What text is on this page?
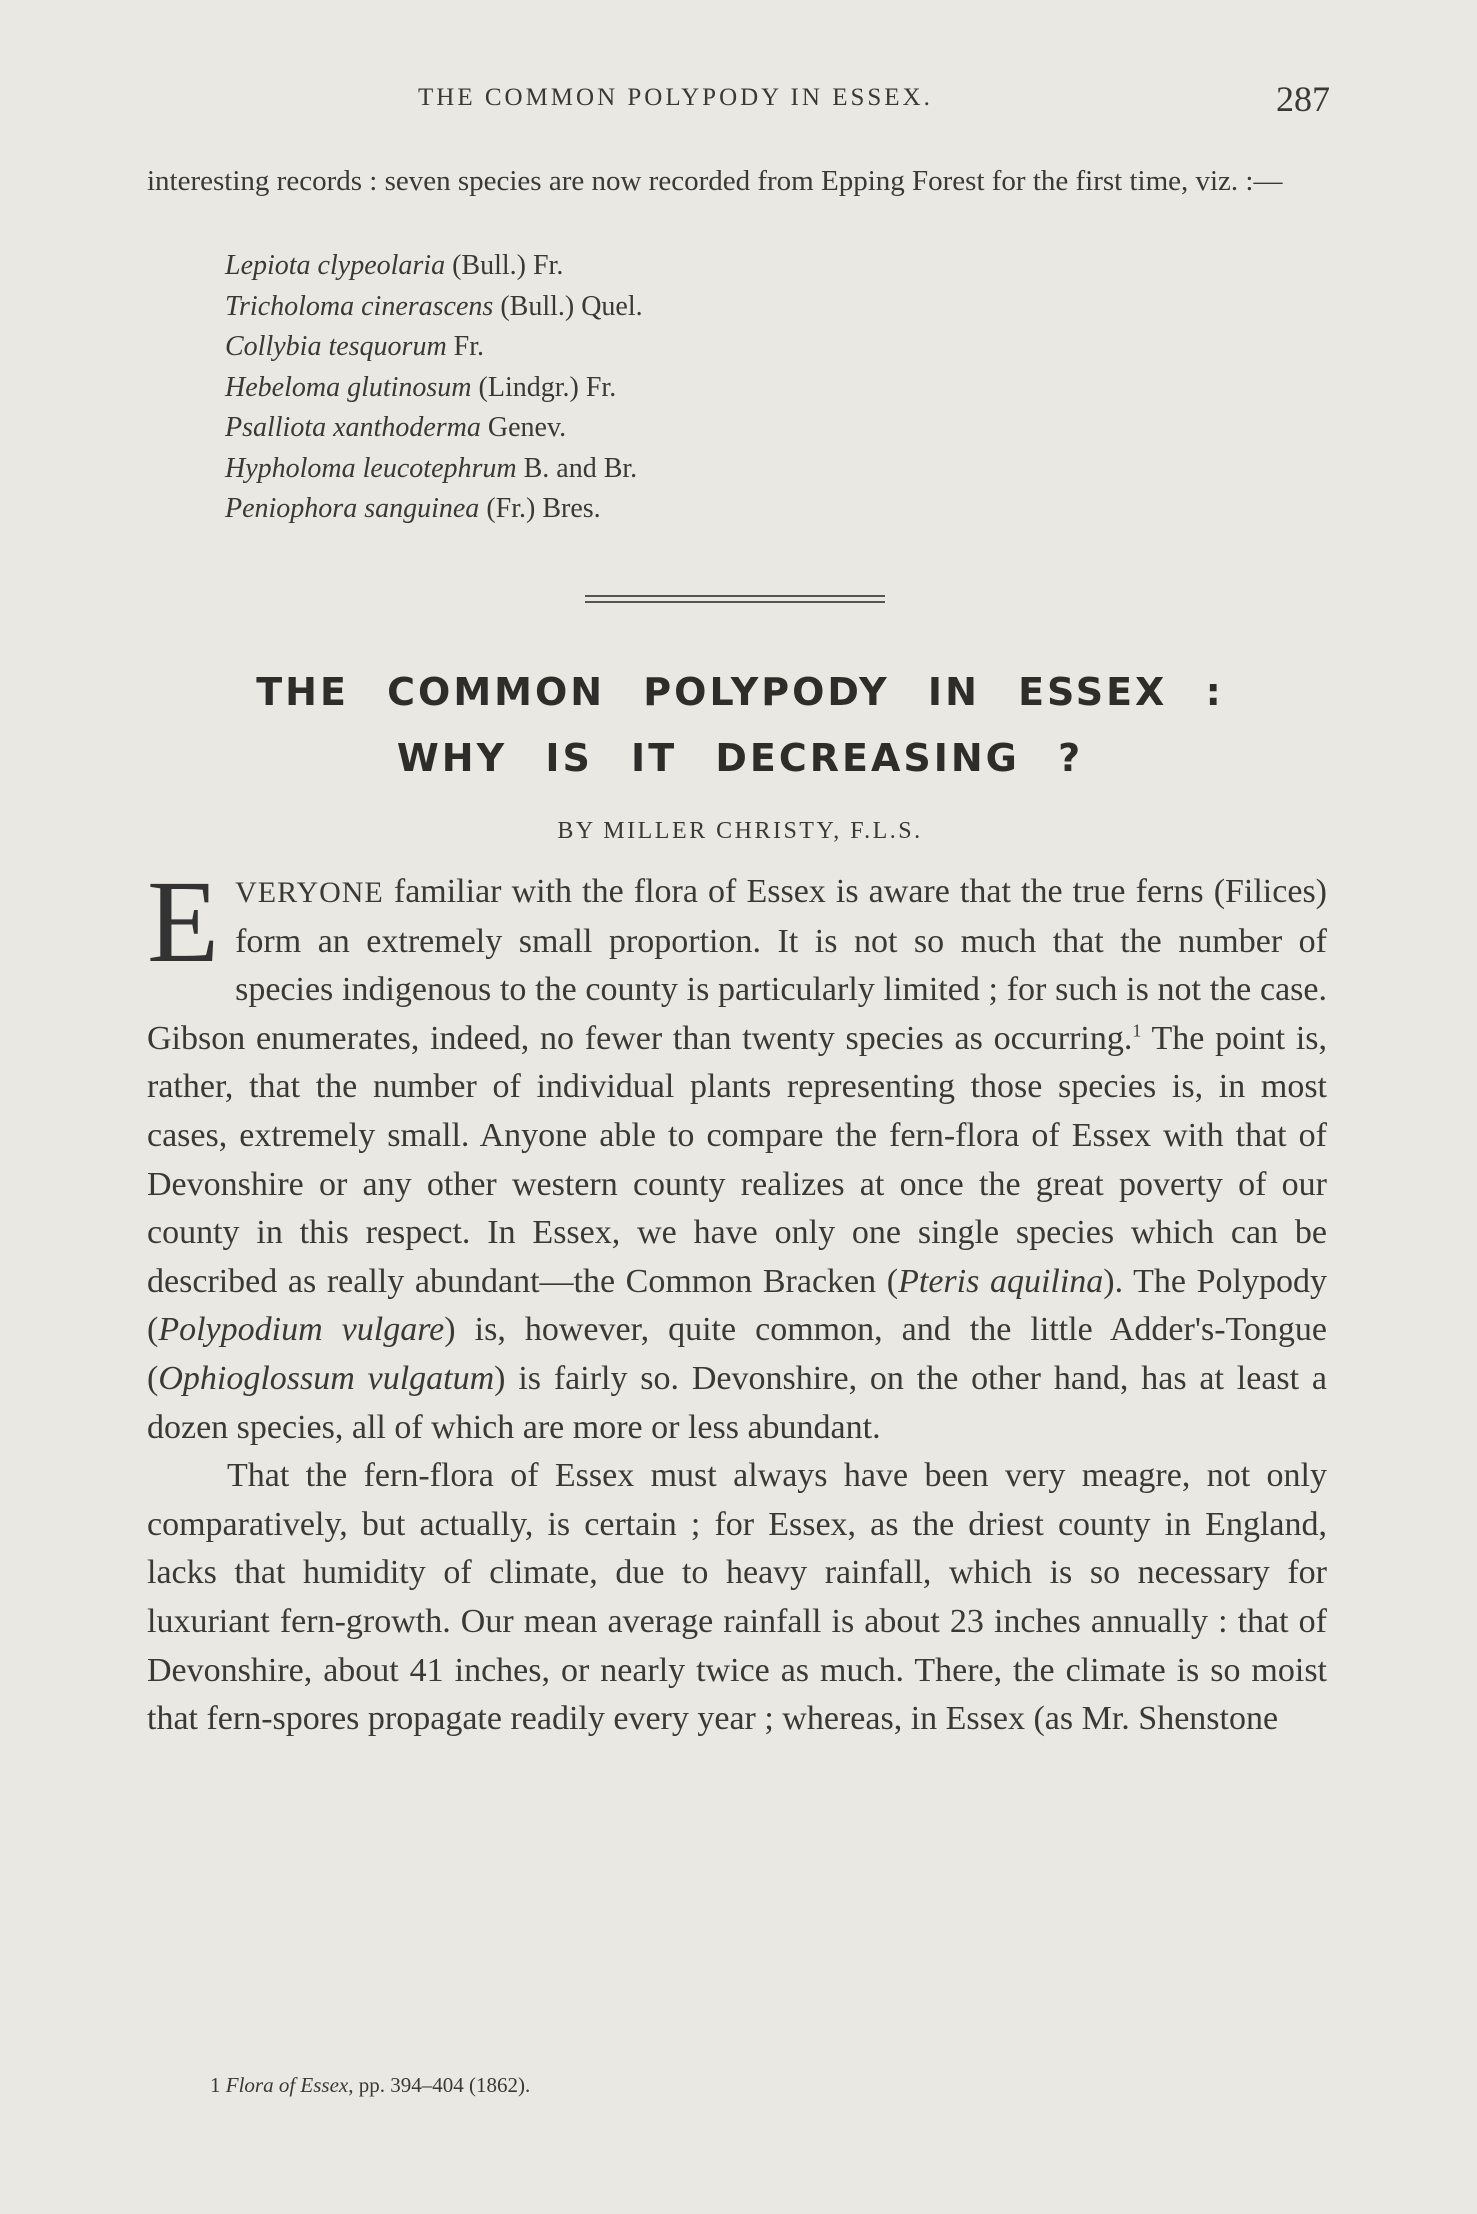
THE COMMON POLYPODY IN ESSEX.	287

interesting records : seven species are now recorded from Epping Forest for the first time, viz. :—

Lepiota clypeolaria (Bull.) Fr.
Tricholoma cinerascens (Bull.) Quel.
Collybia tesquorum Fr.
Hebeloma glutinosum (Lindgr.) Fr.
Psalliota xanthoderma Genev.
Hypholoma leucotephrum B. and Br.
Peniophora sanguinea (Fr.) Bres.
THE COMMON POLYPODY IN ESSEX :
WHY IS IT DECREASING ?
BY MILLER CHRISTY, F.L.S.

EVERYONE familiar with the flora of Essex is aware that the true ferns (Filices) form an extremely small proportion. It is not so much that the number of species indigenous to the county is particularly limited ; for such is not the case. Gibson enumerates, indeed, no fewer than twenty species as occurring.$^1$ The point is, rather, that the number of individual plants representing those species is, in most cases, extremely small. Anyone able to compare the fern-flora of Essex with that of Devonshire or any other western county realizes at once the great poverty of our county in this respect. In Essex, we have only one single species which can be described as really abundant—the Common Bracken (Pteris aquilina). The Polypody (Polypodium vulgare) is, however, quite common, and the little Adder's-Tongue (Ophioglossum vulgatum) is fairly so. Devonshire, on the other hand, has at least a dozen species, all of which are more or less abundant.

That the fern-flora of Essex must always have been very meagre, not only comparatively, but actually, is certain ; for Essex, as the driest county in England, lacks that humidity of climate, due to heavy rainfall, which is so necessary for luxuriant fern-growth. Our mean average rainfall is about 23 inches annually : that of Devonshire, about 41 inches, or nearly twice as much. There, the climate is so moist that fern-spores propagate readily every year ; whereas, in Essex (as Mr. Shenstone

1 Flora of Essex, pp. 394–404 (1862).
